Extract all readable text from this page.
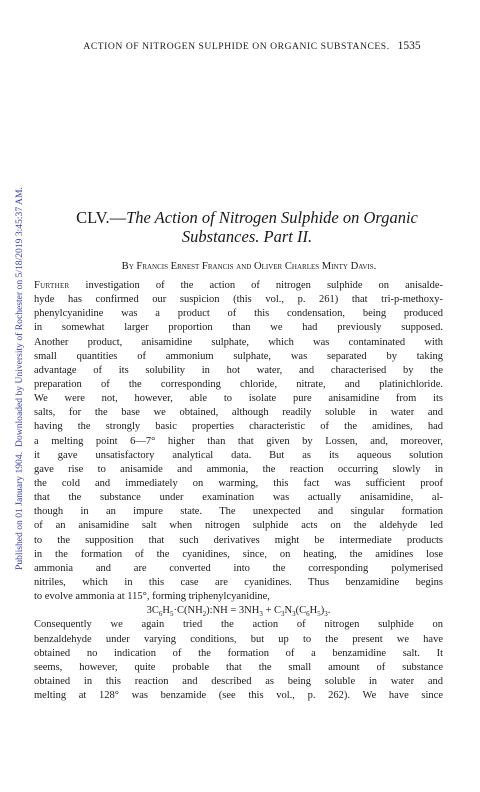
ACTION OF NITROGEN SULPHIDE ON ORGANIC SUBSTANCES. 1535
Published on 01 January 1904.Downloaded by University of Rochester on 5/18/2019 3:45:37 AM.	CLV.—The Action of Nitrogen Sulphide on Organic
Substances. Part II.
By Francis Ernest Francis and Oliver Charles Minty Davis.
Further investigation of the action of nitrogen sulphide on anisalde-
hyde has confirmed our suspicion (this vol., p. 261) that tri-p-methoxy-
phenylcyanidine was a product of this condensation, being produced
in somewhat larger proportion than we had previously supposed.
Another product, anisamidine sulphate, which was contaminated with
small quantities of ammonium sulphate, was separated by taking
advantage of its solubility in hot water, and characterised by the
preparation of the corresponding chloride, nitrate, and platinichloride.
We were not, however, able to isolate pure anisamidine from its
salts, for the base we obtained, although readily soluble in water and
having the strongly basic properties characteristic of the amidines, had
a melting point 6—7° higher than that given by Lossen, and, moreover,
it gave unsatisfactory analytical data. But as its aqueous solution
gave rise to anisamide and ammonia, the reaction occurring slowly in
the cold and immediately on warming, this fact was sufficient proof
that the substance under examination was actually anisamidine, al-
though in an impure state. The unexpected and singular formation
of an anisamidine salt when nitrogen sulphide acts on the aldehyde led
to the supposition that such derivatives might be intermediate products
in the formation of the cyanidines, since, on heating, the amidines lose
ammonia and are converted into the corresponding polymerised
nitriles, which in this case are cyanidines. Thus benzamidine begins
to evolve ammonia at 115°, forming triphenylcyanidine,
$3C_6H_5\cdot C(NH_2):NH = 3NH_3 + C_3N_3(C_6H_5)_3$.
Consequently we again tried the action of nitrogen sulphide on
benzaldehyde under varying conditions, but up to the present we have
obtained no indication of the formation of a benzamidine salt. It
seems, however, quite probable that the small amount of substance
obtained in this reaction and described as being soluble in water and
melting at 128° was benzamide (see this vol., p. 262). We have since
